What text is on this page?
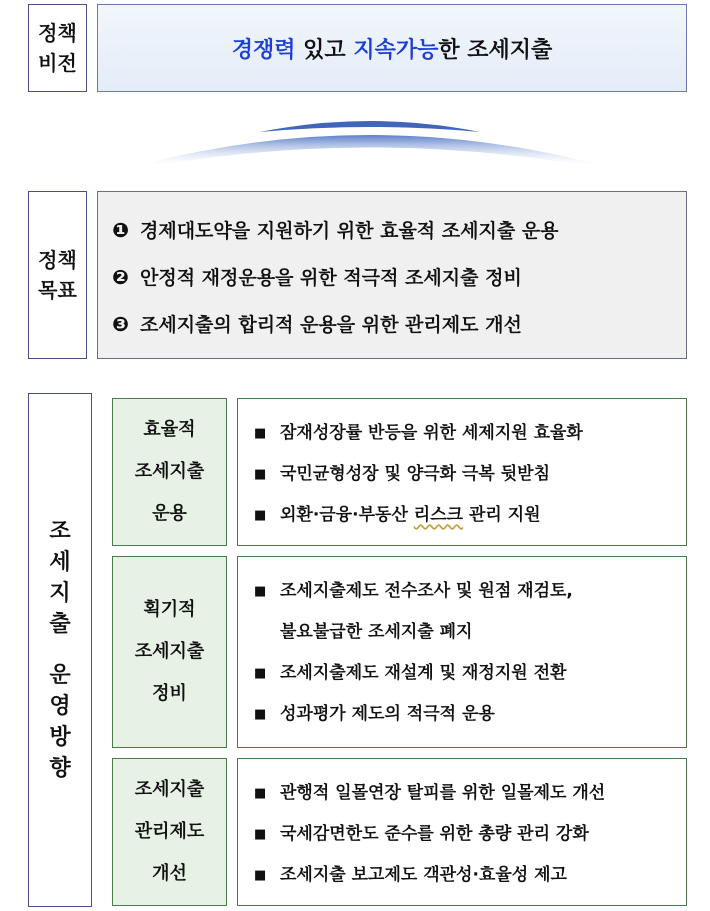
정책
비전
경쟁력 있고 지속가능 한 조세지출
정책
목표
❶ 경제대도약을 지원하기 위한 효율적 조세지출 운용
❷ 안정적 재정운용을 위한 적극적 조세지출 정비
❸ 조세지출의 합리적 운용을 위한 관리제도 개선
조
세
지
출
운
영
방
향
효율적
조세지출
운용
■ 잠재성장률 반등을 위한 세제지원 효율화
■ 국민균형성장 및 양극화 극복 뒷받침
■ 외환·금융·부동산 리스크 관리 지원
획기적
조세지출
정비
■ 조세지출제도 전수조사 및 원점 재검토,
불요불급한 조세지출 폐지
■ 조세지출제도 재설계 및 재정지원 전환
■ 성과평가 제도의 적극적 운용
조세지출
관리제도
개선
■ 관행적 일몰연장 탈피를 위한 일몰제도 개선
■ 국세감면한도 준수를 위한 총량 관리 강화
■ 조세지출 보고제도 객관성·효율성 제고
